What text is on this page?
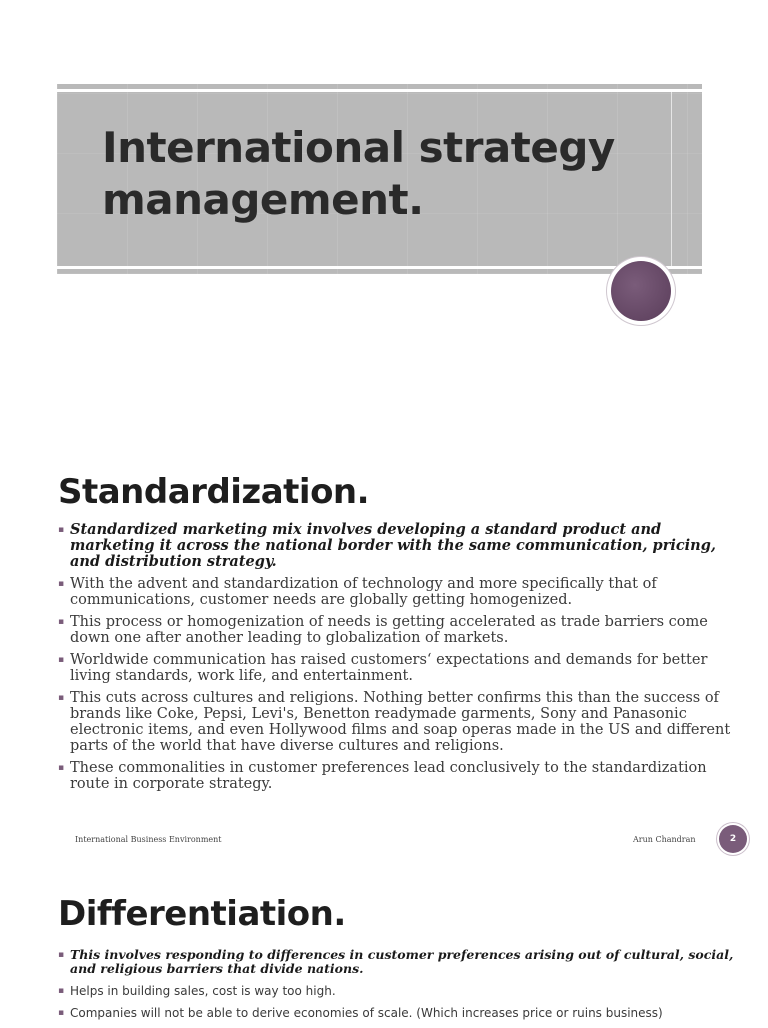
International strategy management.
Standardization.
▪ Standardized marketing mix involves developing a standard product and marketing it across the national border with the same communication, pricing, and distribution strategy.
▪ With the advent and standardization of technology and more specifically that of communications, customer needs are globally getting homogenized.
▪ This process or homogenization of needs is getting accelerated as trade barriers come down one after another leading to globalization of markets.
▪ Worldwide communication has raised customers‘ expectations and demands for better living standards, work life, and entertainment.
▪ This cuts across cultures and religions. Nothing better confirms this than the success of brands like Coke, Pepsi, Levi's, Benetton readymade garments, Sony and Panasonic electronic items, and even Hollywood films and soap operas made in the US and different parts of the world that have diverse cultures and religions.
▪ These commonalities in customer preferences lead conclusively to the standardization route in corporate strategy.
International Business Environment	Arun Chandran	2
Differentiation.
▪ This involves responding to differences in customer preferences arising out of cultural, social, and religious barriers that divide nations.
▪ Helps in building sales, cost is way too high.
▪ Companies will not be able to derive economies of scale. (Which increases price or ruins business)
